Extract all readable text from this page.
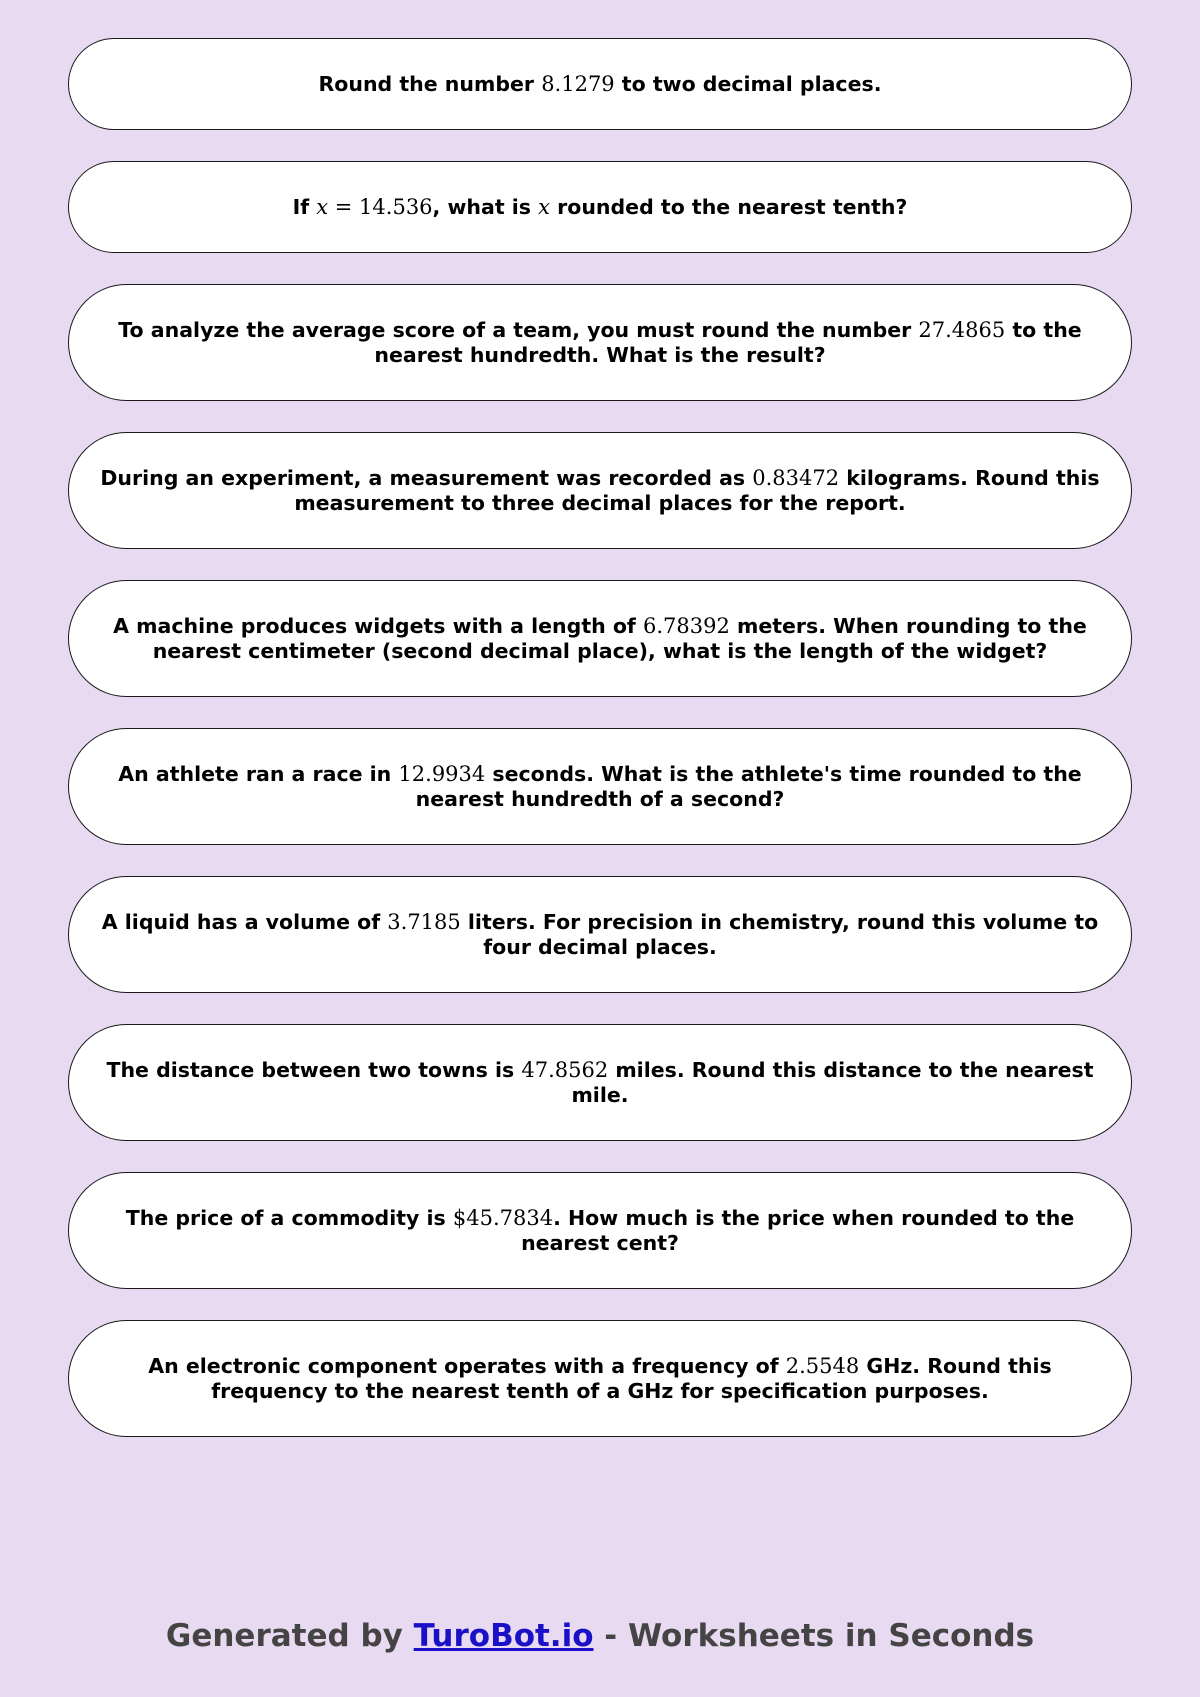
Round the number 8.1279 to two decimal places.
If x = 14.536, what is x rounded to the nearest tenth?
To analyze the average score of a team, you must round the number 27.4865 to the nearest hundredth. What is the result?
During an experiment, a measurement was recorded as 0.83472 kilograms. Round this measurement to three decimal places for the report.
A machine produces widgets with a length of 6.78392 meters. When rounding to the nearest centimeter (second decimal place), what is the length of the widget?
An athlete ran a race in 12.9934 seconds. What is the athlete's time rounded to the nearest hundredth of a second?
A liquid has a volume of 3.7185 liters. For precision in chemistry, round this volume to four decimal places.
The distance between two towns is 47.8562 miles. Round this distance to the nearest mile.
The price of a commodity is $45.7834. How much is the price when rounded to the nearest cent?
An electronic component operates with a frequency of 2.5548 GHz. Round this frequency to the nearest tenth of a GHz for specification purposes.
Generated by TuroBot.io - Worksheets in Seconds
